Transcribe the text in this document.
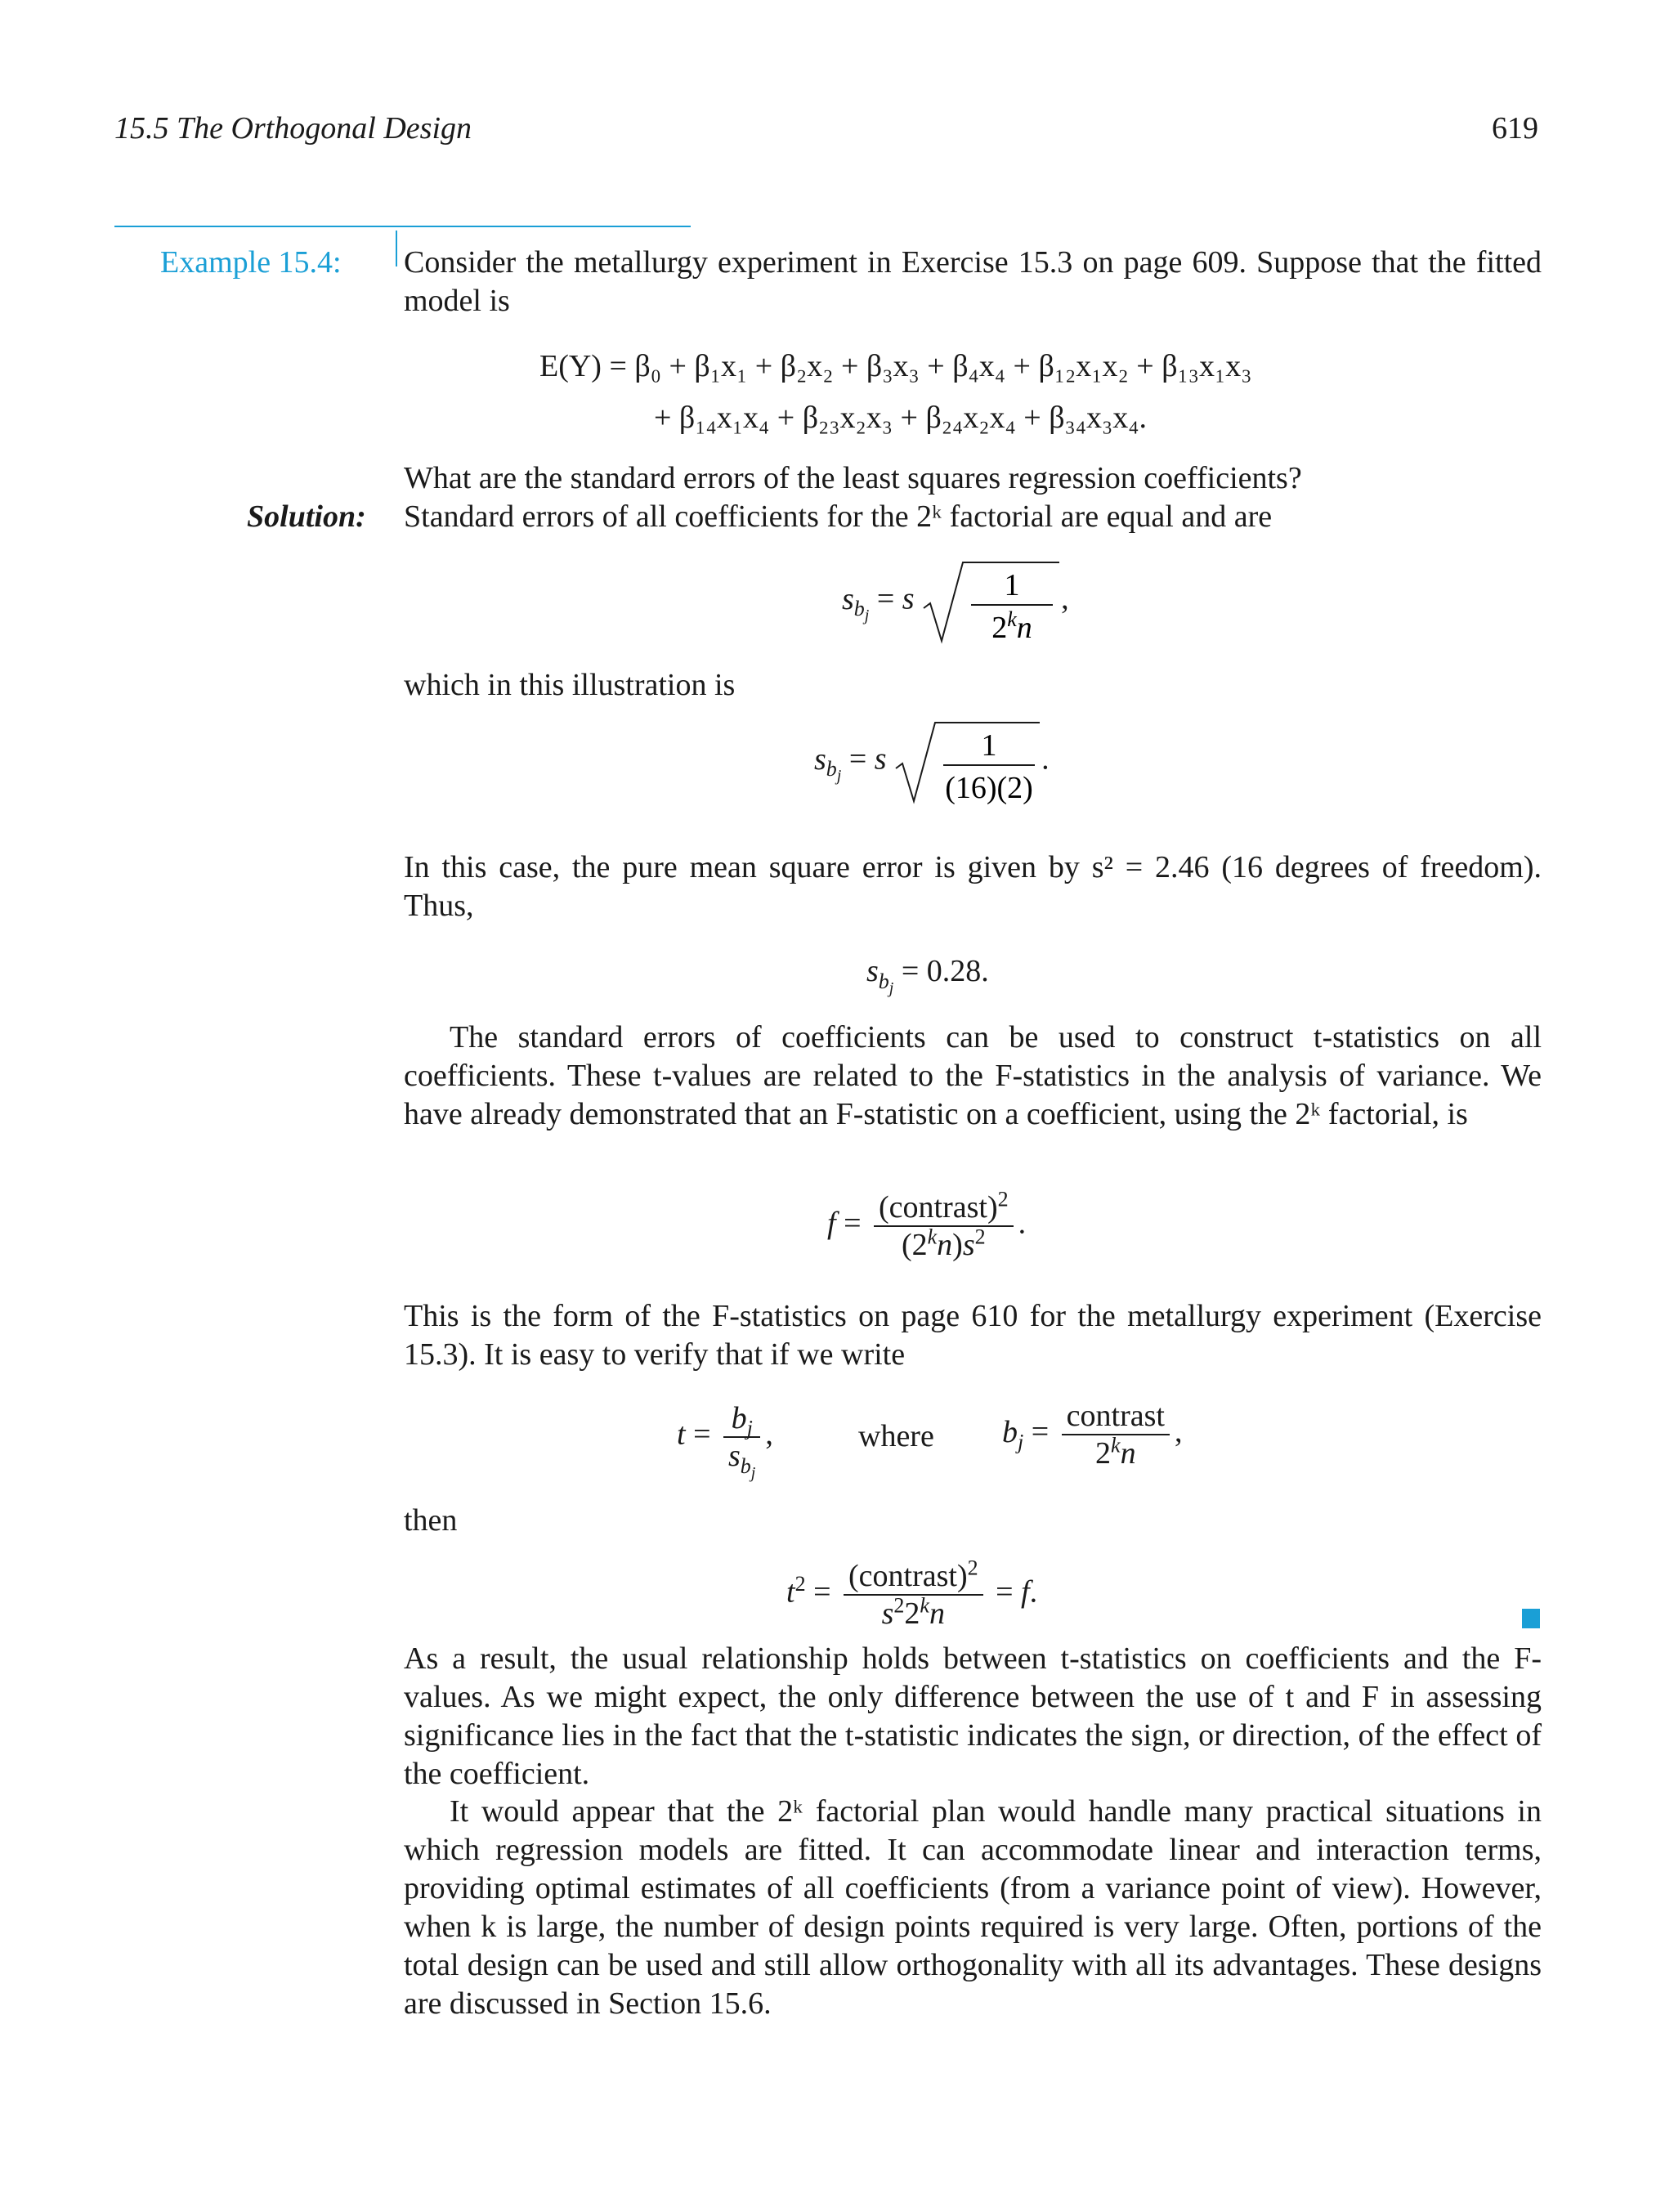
15.5 The Orthogonal Design	619
Example 15.4: Consider the metallurgy experiment in Exercise 15.3 on page 609. Suppose that the fitted model is

E(Y) = β₀ + β₁x₁ + β₂x₂ + β₃x₃ + β₄x₄ + β₁₂x₁x₂ + β₁₃x₁x₃
+ β₁₄x₁x₄ + β₂₃x₂x₃ + β₂₄x₂x₄ + β₃₄x₃x₄.

What are the standard errors of the least squares regression coefficients?

Solution: Standard errors of all coefficients for the 2ᵏ factorial are equal and are

$s_{b_j} = s$	1
2$^k$n
,

which in this illustration is

$s_{b_j} = s$	1
(16)(2)
.

In this case, the pure mean square error is given by s² = 2.46 (16 degrees of freedom). Thus,

$s_{b_j} = 0.28$.

The standard errors of coefficients can be used to construct t-statistics on all coefficients. These t-values are related to the F-statistics in the analysis of variance. We have already demonstrated that an F-statistic on a coefficient, using the 2ᵏ factorial, is

$f = \frac{(contrast)^2}{(2^kn)s^2}$ .

This is the form of the F-statistics on page 610 for the metallurgy experiment (Exercise 15.3). It is easy to verify that if we write

$t = \frac{b_j}{s_{b_j}}$ ,	where $b_j = \frac{\text{contrast}}{2^kn}$ ,

then

$t^2 = \frac{(contrast)^2}{s^22^kn} = f$.

As a result, the usual relationship holds between t-statistics on coefficients and the F-values. As we might expect, the only difference between the use of t and F in assessing significance lies in the fact that the t-statistic indicates the sign, or direction, of the effect of the coefficient.

It would appear that the 2ᵏ factorial plan would handle many practical situations in which regression models are fitted. It can accommodate linear and interaction terms, providing optimal estimates of all coefficients (from a variance point of view). However, when k is large, the number of design points required is very large. Often, portions of the total design can be used and still allow orthogonality with all its advantages. These designs are discussed in Section 15.6.
